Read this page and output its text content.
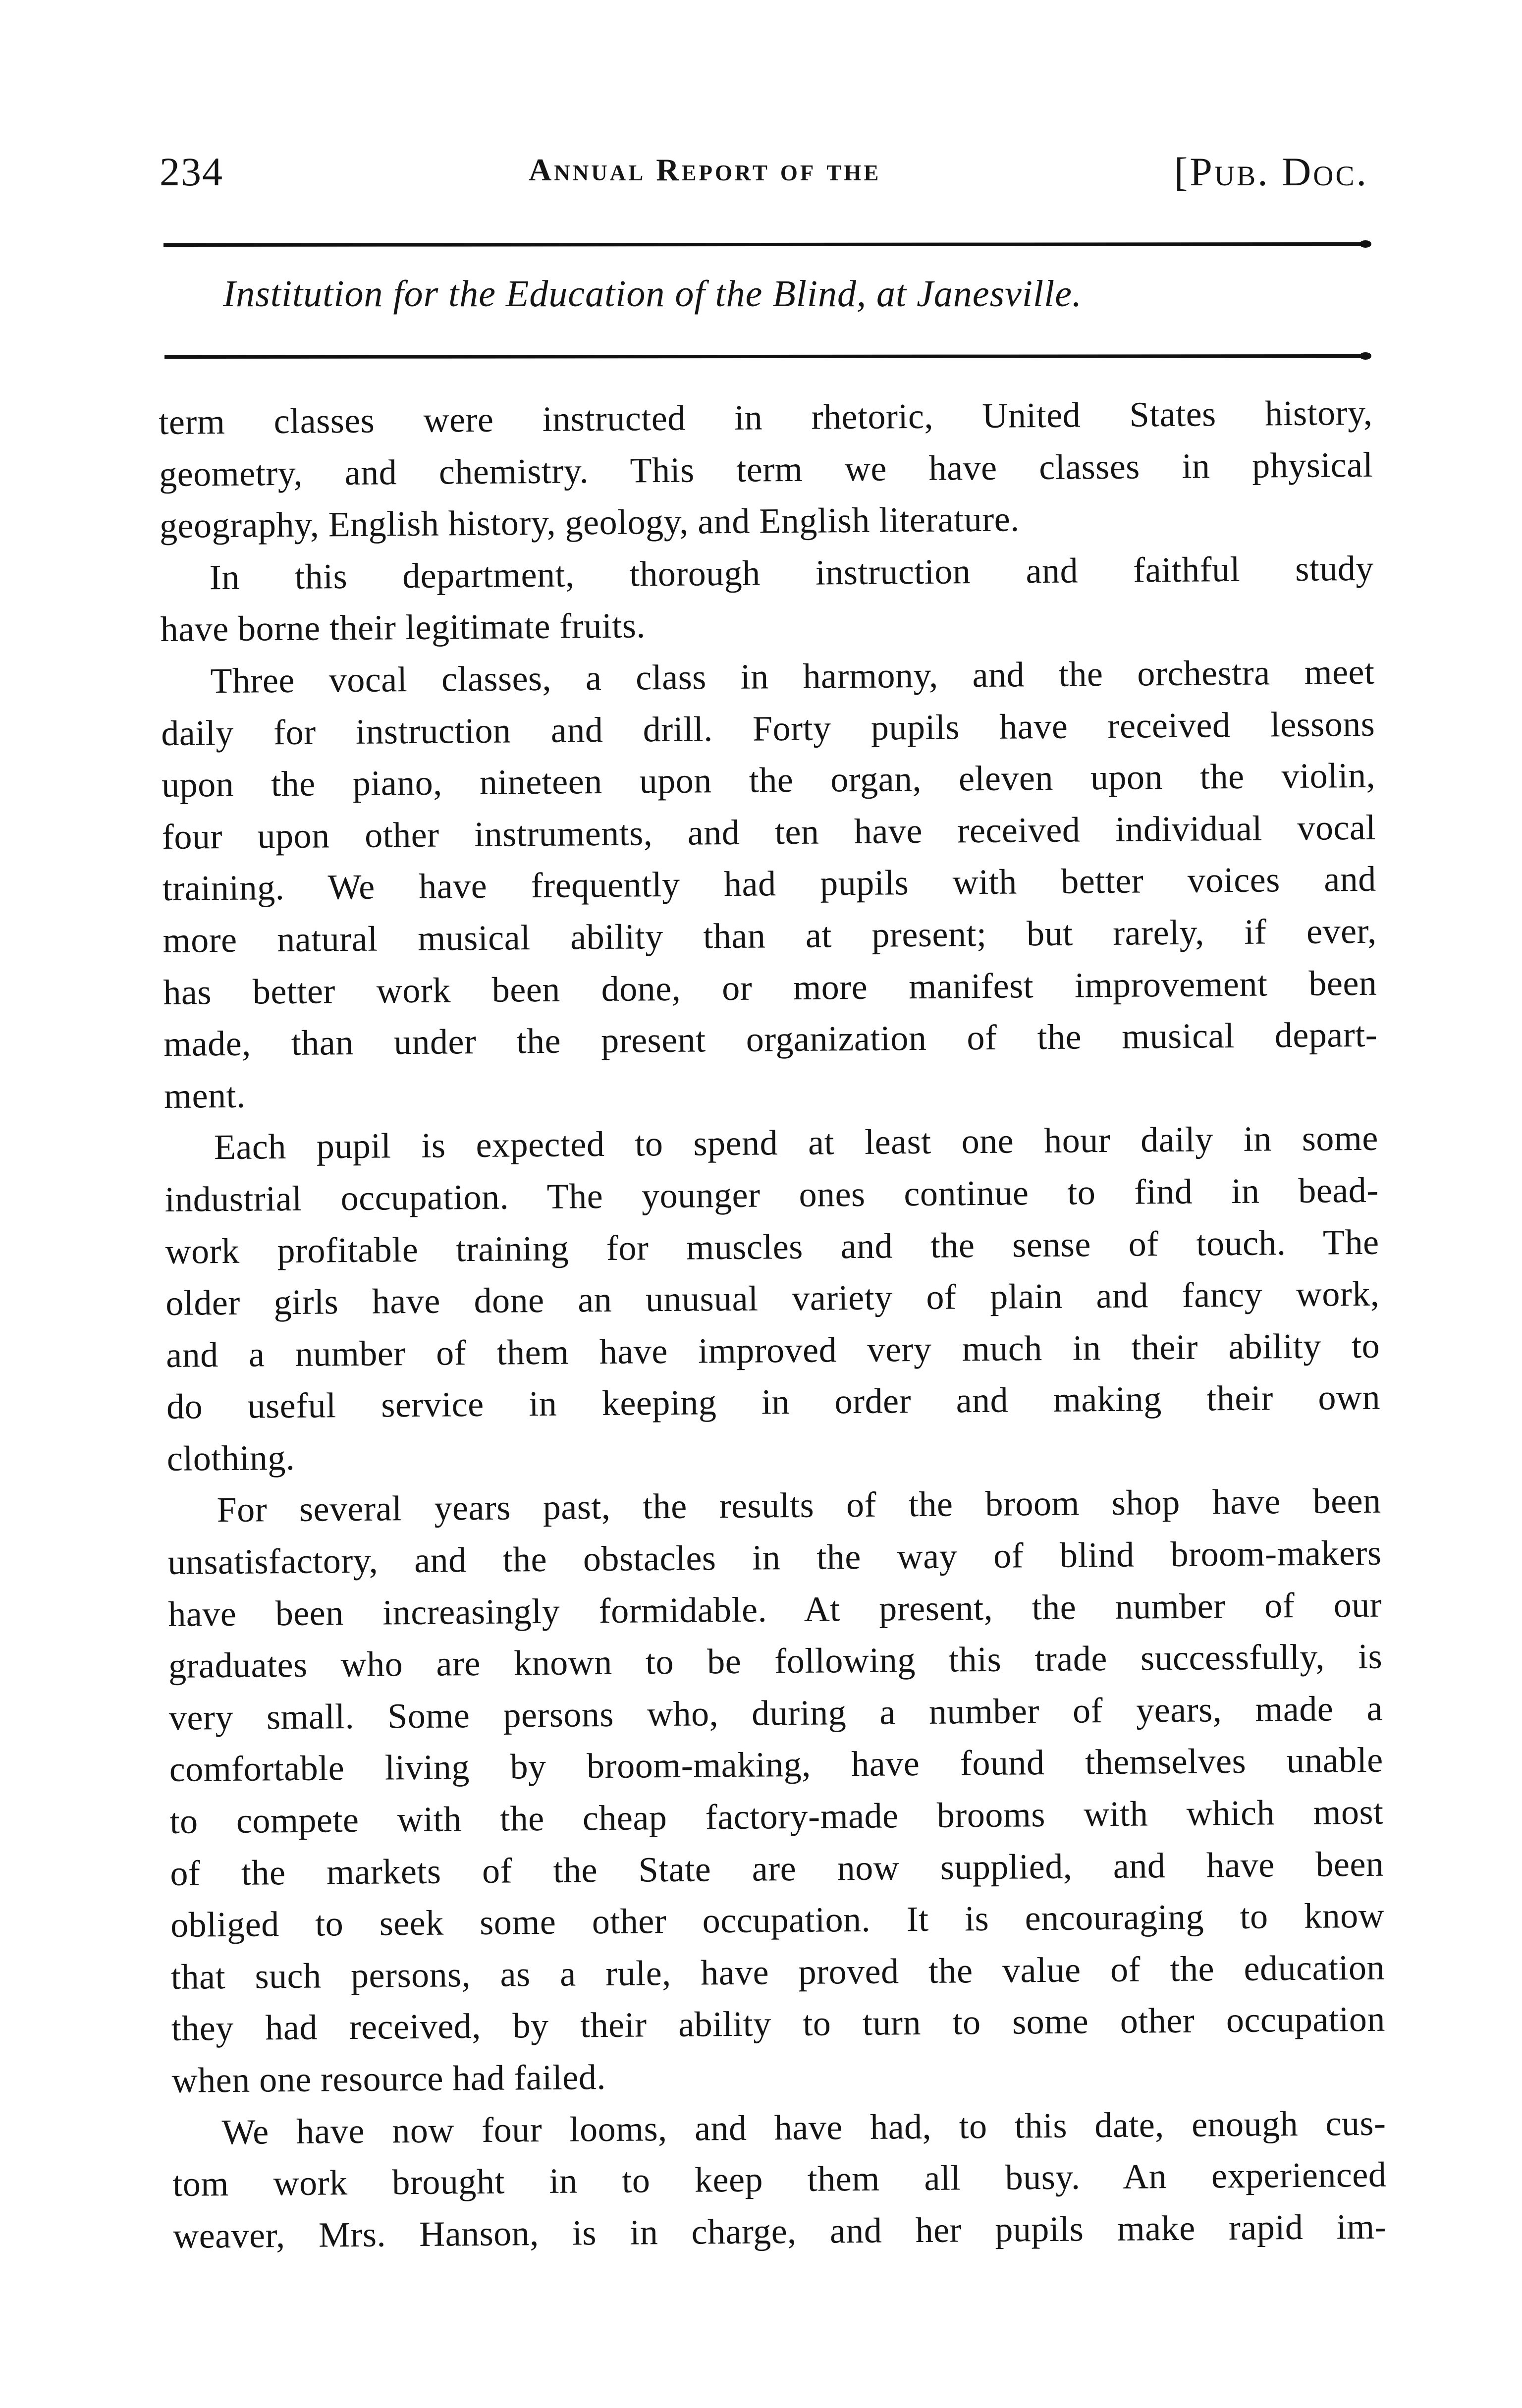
234	Annual Report of the	[Pub. Doc.
Institution for the Education of the Blind, at Janesville.
term classes were instructed in rhetoric, United States history,
geometry, and chemistry. This term we have classes in physical
geography, English history, geology, and English literature.
In this department, thorough instruction and faithful study
have borne their legitimate fruits.
Three vocal classes, a class in harmony, and the orchestra meet
daily for instruction and drill. Forty pupils have received lessons
upon the piano, nineteen upon the organ, eleven upon the violin,
four upon other instruments, and ten have received individual vocal
training. We have frequently had pupils with better voices and
more natural musical ability than at present; but rarely, if ever,
has better work been done, or more manifest improvement been
made, than under the present organization of the musical depart-
ment.
Each pupil is expected to spend at least one hour daily in some
industrial occupation. The younger ones continue to find in bead-
work profitable training for muscles and the sense of touch. The
older girls have done an unusual variety of plain and fancy work,
and a number of them have improved very much in their ability to
do useful service in keeping in order and making their own
clothing.
For several years past, the results of the broom shop have been
unsatisfactory, and the obstacles in the way of blind broom-makers
have been increasingly formidable. At present, the number of our
graduates who are known to be following this trade successfully, is
very small. Some persons who, during a number of years, made a
comfortable living by broom-making, have found themselves unable
to compete with the cheap factory-made brooms with which most
of the markets of the State are now supplied, and have been
obliged to seek some other occupation. It is encouraging to know
that such persons, as a rule, have proved the value of the education
they had received, by their ability to turn to some other occupation
when one resource had failed.
We have now four looms, and have had, to this date, enough cus-
tom work brought in to keep them all busy. An experienced
weaver, Mrs. Hanson, is in charge, and her pupils make rapid im-
